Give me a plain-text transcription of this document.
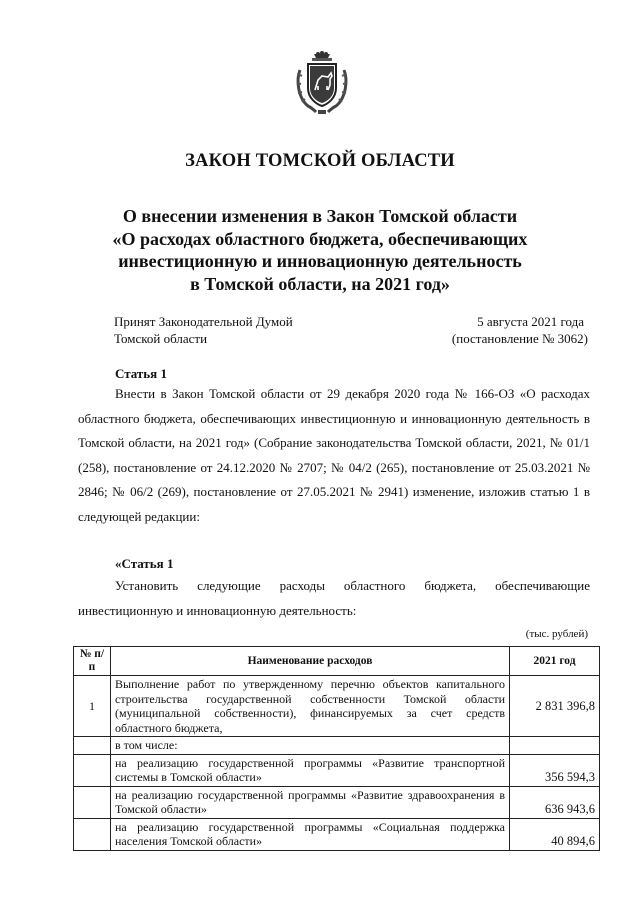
ЗАКОН ТОМСКОЙ ОБЛАСТИ
О внесении изменения в Закон Томской области
«О расходах областного бюджета, обеспечивающих
инвестиционную и инновационную деятельность
в Томской области, на 2021 год»
Принят Законодательной Думой
Томской области
5 августа 2021 года
(постановление № 3062)
Статья 1

Внести в Закон Томской области от 29 декабря 2020 года № 166-ОЗ «О расходах областного бюджета, обеспечивающих инвестиционную и инновационную деятельность в Томской области, на 2021 год» (Собрание законодательства Томской области, 2021, № 01/1 (258), постановление от 24.12.2020 № 2707; № 04/2 (265), постановление от 25.03.2021 № 2846; № 06/2 (269), постановление от 27.05.2021 № 2941) изменение, изложив статью 1 в следующей редакции:

«Статья 1

Установить следующие расходы областного бюджета, обеспечивающие инвестиционную и инновационную деятельность:

(тыс. рублей)
№ п/п	Наименование расходов	2021 год
1	Выполнение работ по утвержденному перечню объектов капитального строительства государственной собственности Томской области (муниципальной собственности), финансируемых за счет средств областного бюджета,	2 831 396,8
	в том числе:	
	на реализацию государственной программы «Развитие транспортной системы в Томской области»	356 594,3
	на реализацию государственной программы «Развитие здравоохранения в Томской области»	636 943,6
	на реализацию государственной программы «Социальная поддержка населения Томской области»	40 894,6
